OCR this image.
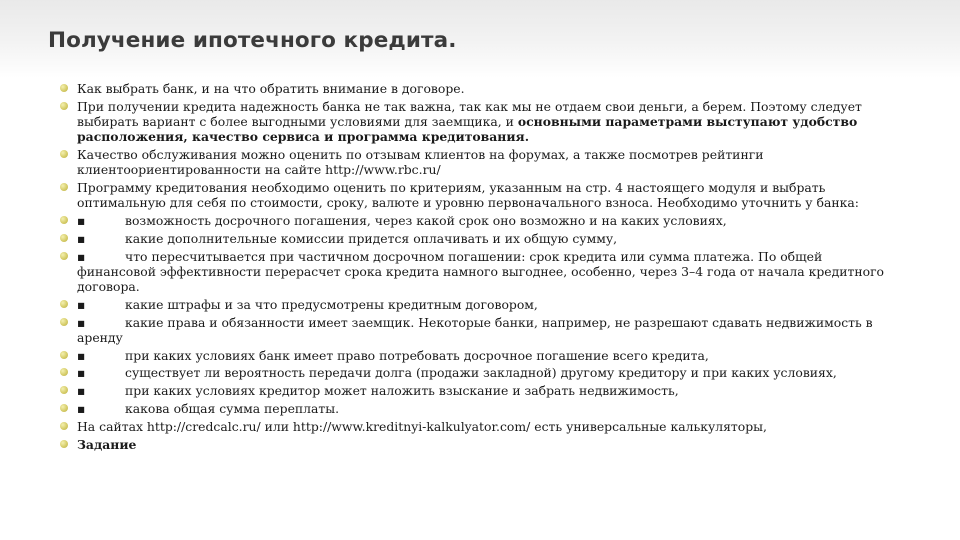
Получение ипотечного кредита.
Как выбрать банк, и на что обратить внимание в договоре.
При получении кредита надежность банка не так важна, так как мы не отдаем свои деньги, а берем. Поэтому следует выбирать вариант с более выгодными условиями для заемщика, и основными параметрами выступают удобство расположения, качество сервиса и программа кредитования.
Качество обслуживания можно оценить по отзывам клиентов на форумах, а также посмотрев рейтинги клиентоориентированности на сайте http://www.rbc.ru/
Программу кредитования необходимо оценить по критериям, указанным на стр. 4 настоящего модуля и выбрать оптимальную для себя по стоимости, сроку, валюте и уровню первоначального взноса. Необходимо уточнить у банка:
▪	возможность досрочного погашения, через какой срок оно возможно и на каких условиях,
▪	какие дополнительные комиссии придется оплачивать и их общую сумму,
▪	что пересчитывается при частичном досрочном погашении: срок кредита или сумма платежа. По общей финансовой эффективности перерасчет срока кредита намного выгоднее, особенно, через 3–4 года от начала кредитного договора.
▪	какие штрафы и за что предусмотрены кредитным договором,
▪	какие права и обязанности имеет заемщик. Некоторые банки, например, не разрешают сдавать недвижимость в аренду
▪	при каких условиях банк имеет право потребовать досрочное погашение всего кредита,
▪	существует ли вероятность передачи долга (продажи закладной) другому кредитору и при каких условиях,
▪	при каких условиях кредитор может наложить взыскание и забрать недвижимость,
▪	какова общая сумма переплаты.
На сайтах http://credcalc.ru/ или http://www.kreditnyi-kalkulyator.com/ есть универсальные калькуляторы,
Задание
